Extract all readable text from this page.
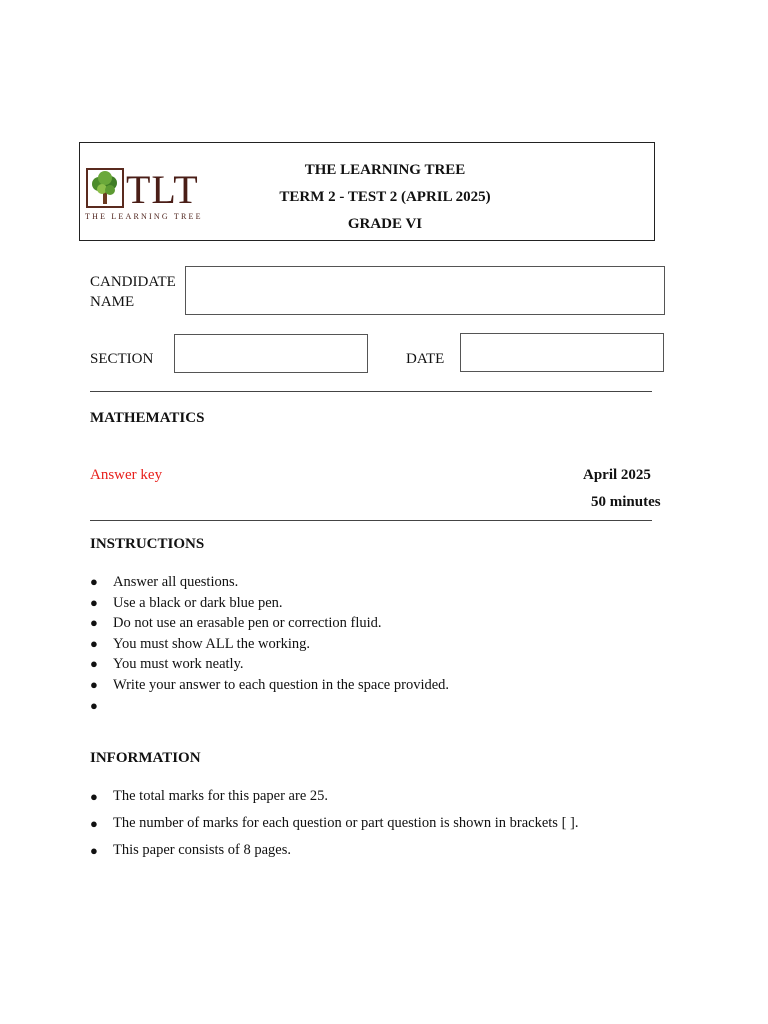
TLT
THE LEARNING TREE
THE LEARNING TREE
TERM 2 - TEST 2 (APRIL 2025)
GRADE VI
CANDIDATE
NAME
SECTION	DATE
MATHEMATICS
Answer key	April 2025
50 minutes
INSTRUCTIONS
● Answer all questions.
● Use a black or dark blue pen.
● Do not use an erasable pen or correction fluid.
● You must show ALL the working.
● You must work neatly.
● Write your answer to each question in the space provided.
●
INFORMATION
● The total marks for this paper are 25.
● The number of marks for each question or part question is shown in brackets [ ].
● This paper consists of 8 pages.
